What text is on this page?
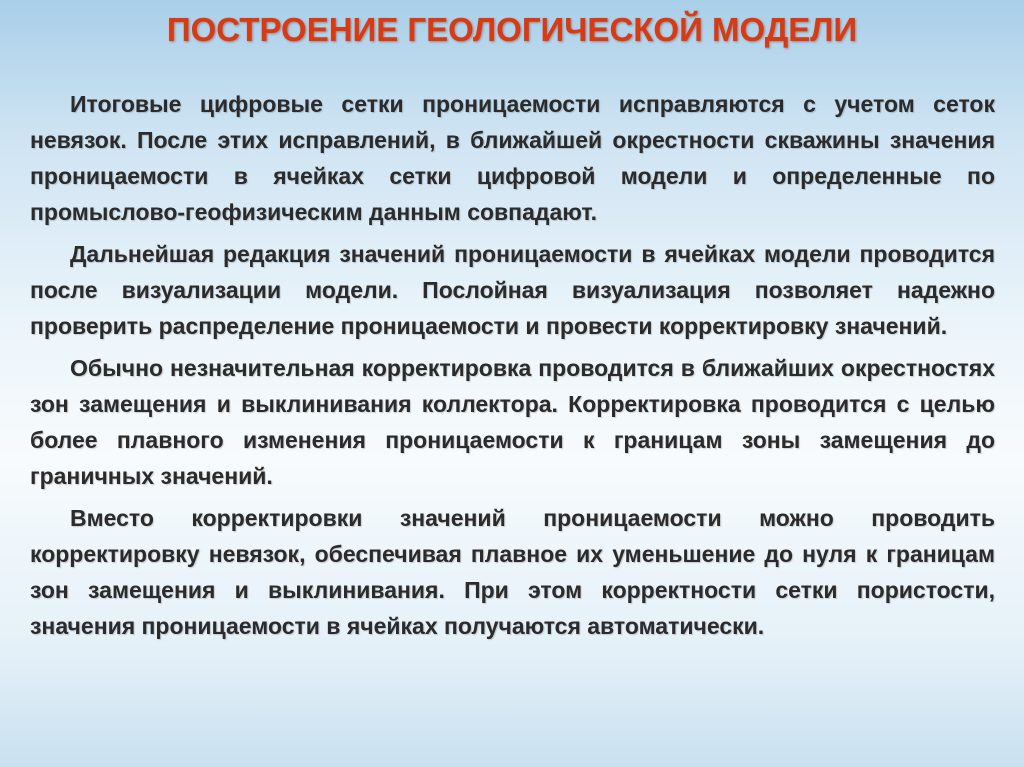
ПОСТРОЕНИЕ ГЕОЛОГИЧЕСКОЙ МОДЕЛИ

Итоговые цифровые сетки проницаемости исправляются с учетом сеток невязок. После этих исправлений, в ближайшей окрестности скважины значения проницаемости в ячейках сетки цифровой модели и определенные по промыслово-геофизическим данным совпадают.

Дальнейшая редакция значений проницаемости в ячейках модели проводится после визуализации модели. Послойная визуализация позволяет надежно проверить распределение проницаемости и провести корректировку значений.

Обычно незначительная корректировка проводится в ближайших окрестностях зон замещения и выклинивания коллектора. Корректировка проводится с целью более плавного изменения проницаемости к границам зоны замещения до граничных значений.

Вместо корректировки значений проницаемости можно проводить корректировку невязок, обеспечивая плавное их уменьшение до нуля к границам зон замещения и выклинивания. При этом корректности сетки пористости, значения проницаемости в ячейках получаются автоматически.
